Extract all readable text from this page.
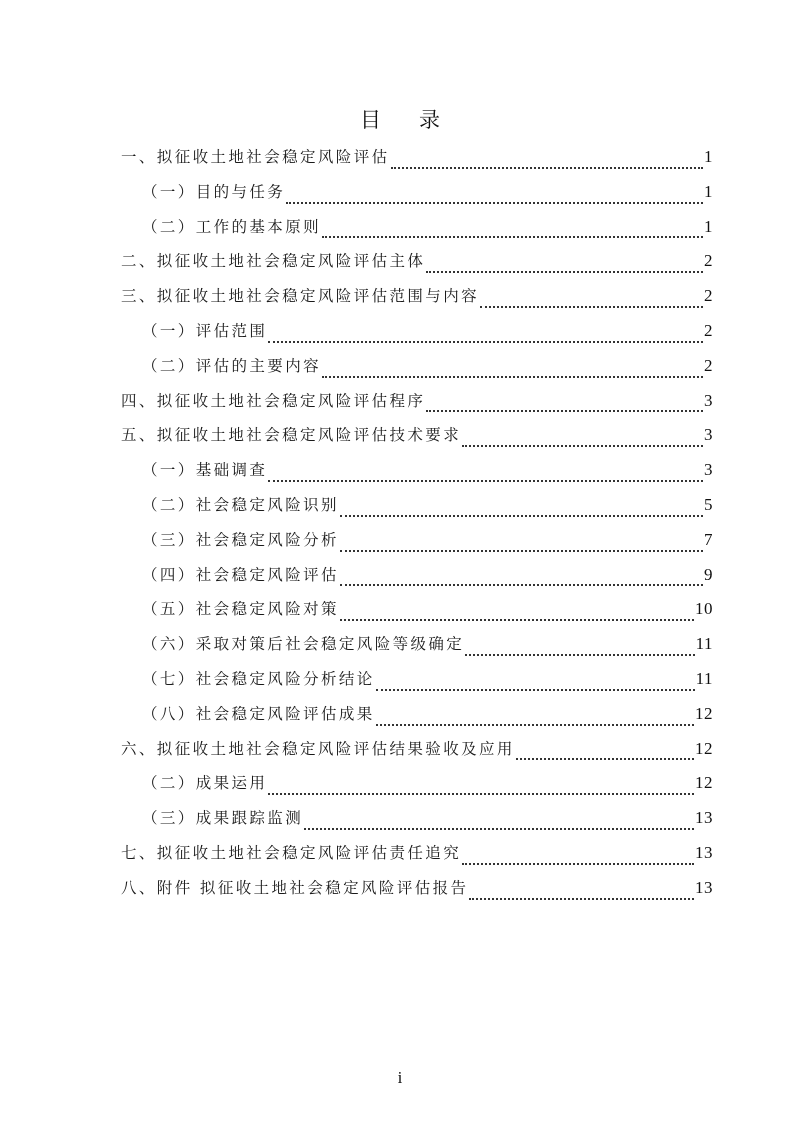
目 录
一、拟征收土地社会稳定风险评估	1
（一）目的与任务	1
（二）工作的基本原则	1
二、拟征收土地社会稳定风险评估主体	2
三、拟征收土地社会稳定风险评估范围与内容	2
（一）评估范围	2
（二）评估的主要内容	2
四、拟征收土地社会稳定风险评估程序	3
五、拟征收土地社会稳定风险评估技术要求	3
（一）基础调查	3
（二）社会稳定风险识别	5
（三）社会稳定风险分析	7
（四）社会稳定风险评估	9
（五）社会稳定风险对策	10
（六）采取对策后社会稳定风险等级确定	11
（七）社会稳定风险分析结论	11
（八）社会稳定风险评估成果	12
六、拟征收土地社会稳定风险评估结果验收及应用	12
（二）成果运用	12
（三）成果跟踪监测	13
七、拟征收土地社会稳定风险评估责任追究	13
八、附件 拟征收土地社会稳定风险评估报告	13
i
